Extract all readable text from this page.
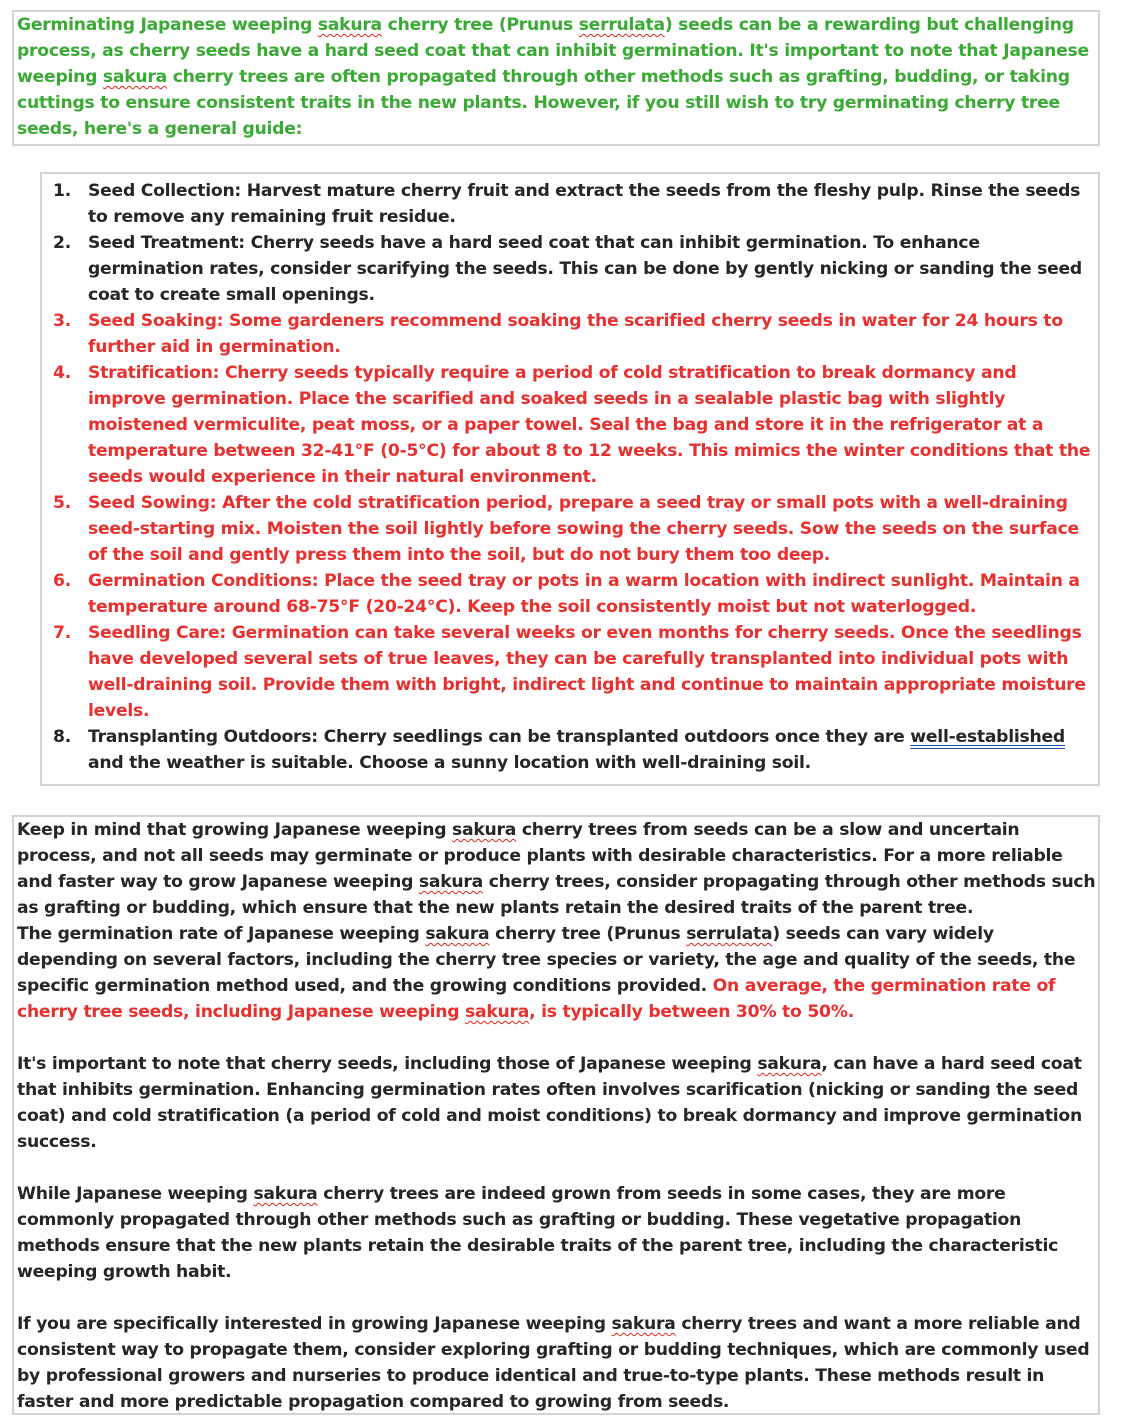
Germinating Japanese weeping sakura cherry tree (Prunus serrulata) seeds can be a rewarding but challenging process, as cherry seeds have a hard seed coat that can inhibit germination. It's important to note that Japanese weeping sakura cherry trees are often propagated through other methods such as grafting, budding, or taking cuttings to ensure consistent traits in the new plants. However, if you still wish to try germinating cherry tree seeds, here's a general guide:

1. Seed Collection: Harvest mature cherry fruit and extract the seeds from the fleshy pulp. Rinse the seeds to remove any remaining fruit residue.
2. Seed Treatment: Cherry seeds have a hard seed coat that can inhibit germination. To enhance germination rates, consider scarifying the seeds. This can be done by gently nicking or sanding the seed coat to create small openings.
3. Seed Soaking: Some gardeners recommend soaking the scarified cherry seeds in water for 24 hours to further aid in germination.
4. Stratification: Cherry seeds typically require a period of cold stratification to break dormancy and improve germination. Place the scarified and soaked seeds in a sealable plastic bag with slightly moistened vermiculite, peat moss, or a paper towel. Seal the bag and store it in the refrigerator at a temperature between 32-41°F (0-5°C) for about 8 to 12 weeks. This mimics the winter conditions that the seeds would experience in their natural environment.
5. Seed Sowing: After the cold stratification period, prepare a seed tray or small pots with a well-draining seed-starting mix. Moisten the soil lightly before sowing the cherry seeds. Sow the seeds on the surface of the soil and gently press them into the soil, but do not bury them too deep.
6. Germination Conditions: Place the seed tray or pots in a warm location with indirect sunlight. Maintain a temperature around 68-75°F (20-24°C). Keep the soil consistently moist but not waterlogged.
7. Seedling Care: Germination can take several weeks or even months for cherry seeds. Once the seedlings have developed several sets of true leaves, they can be carefully transplanted into individual pots with well-draining soil. Provide them with bright, indirect light and continue to maintain appropriate moisture levels.
8. Transplanting Outdoors: Cherry seedlings can be transplanted outdoors once they are well-established and the weather is suitable. Choose a sunny location with well-draining soil.

Keep in mind that growing Japanese weeping sakura cherry trees from seeds can be a slow and uncertain process, and not all seeds may germinate or produce plants with desirable characteristics. For a more reliable and faster way to grow Japanese weeping sakura cherry trees, consider propagating through other methods such as grafting or budding, which ensure that the new plants retain the desired traits of the parent tree.

The germination rate of Japanese weeping sakura cherry tree (Prunus serrulata) seeds can vary widely depending on several factors, including the cherry tree species or variety, the age and quality of the seeds, the specific germination method used, and the growing conditions provided. On average, the germination rate of cherry tree seeds, including Japanese weeping sakura, is typically between 30% to 50%.

It's important to note that cherry seeds, including those of Japanese weeping sakura, can have a hard seed coat that inhibits germination. Enhancing germination rates often involves scarification (nicking or sanding the seed coat) and cold stratification (a period of cold and moist conditions) to break dormancy and improve germination success.

While Japanese weeping sakura cherry trees are indeed grown from seeds in some cases, they are more commonly propagated through other methods such as grafting or budding. These vegetative propagation methods ensure that the new plants retain the desirable traits of the parent tree, including the characteristic weeping growth habit.

If you are specifically interested in growing Japanese weeping sakura cherry trees and want a more reliable and consistent way to propagate them, consider exploring grafting or budding techniques, which are commonly used by professional growers and nurseries to produce identical and true-to-type plants. These methods result in faster and more predictable propagation compared to growing from seeds.
